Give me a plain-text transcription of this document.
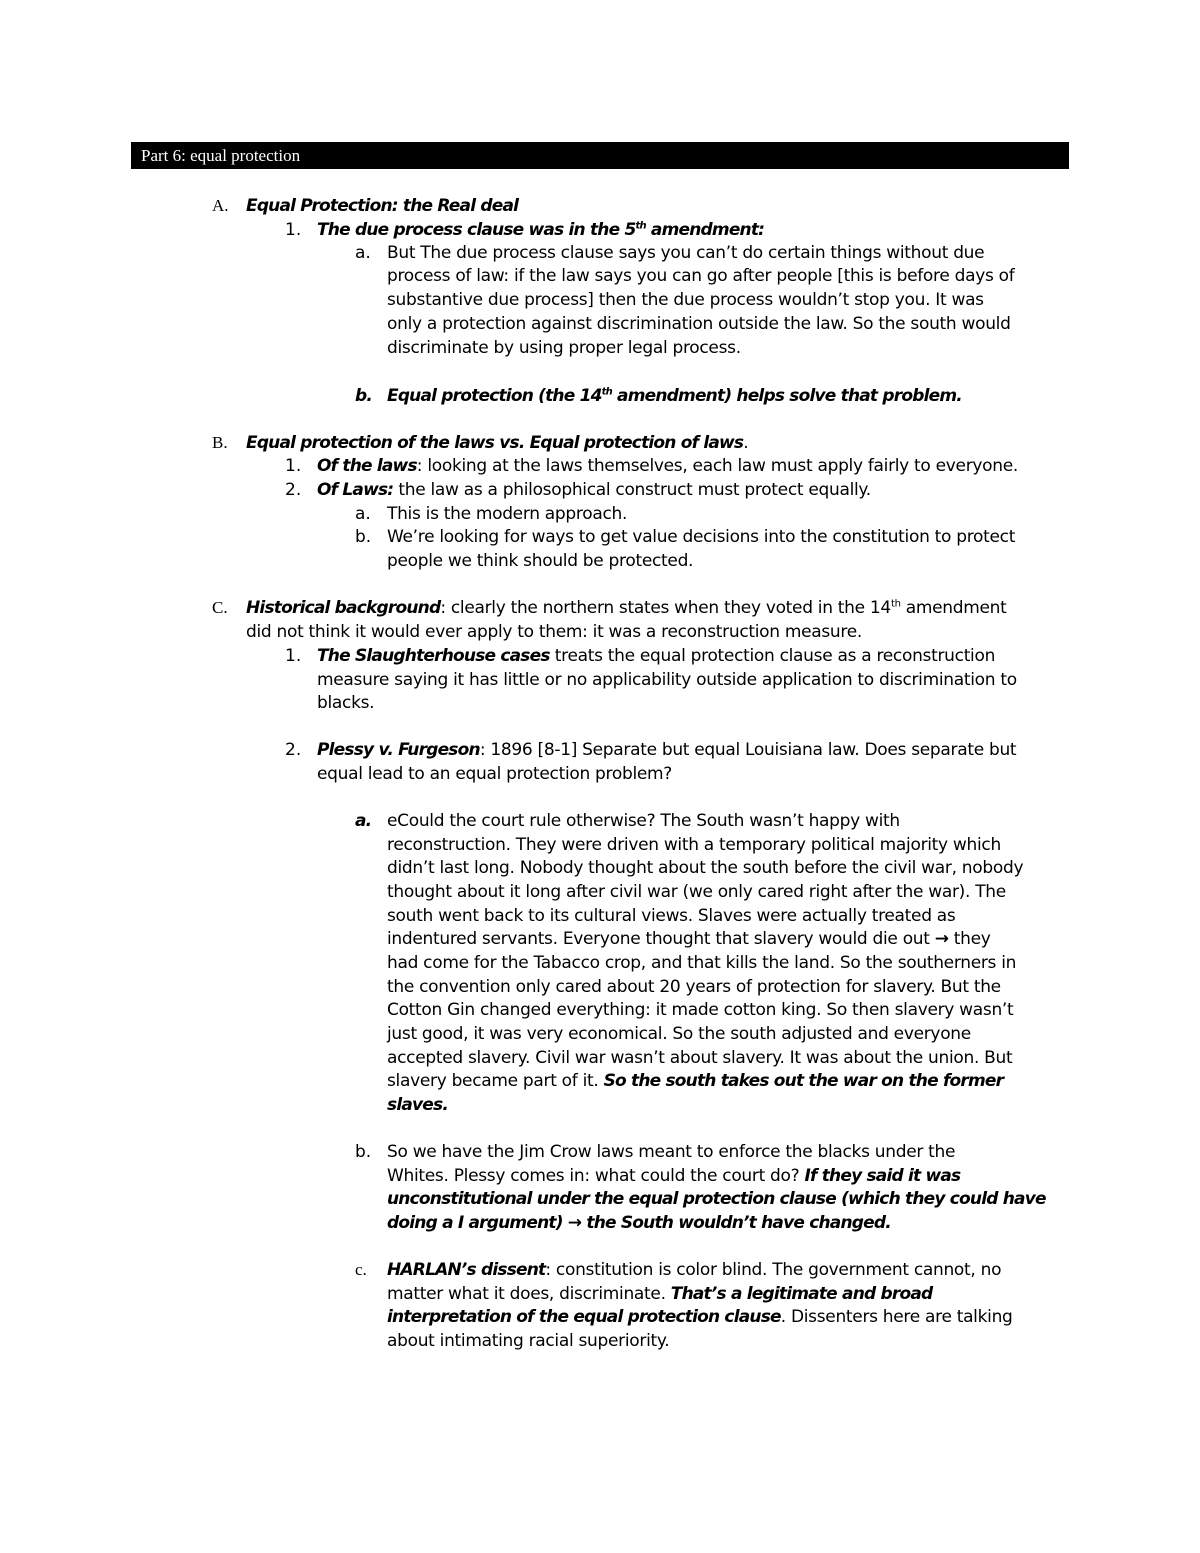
Part 6: equal protection
A. Equal Protection: the Real deal
1. The due process clause was in the 5th amendment:
a. But The due process clause says you can’t do certain things without due
process of law: if the law says you can go after people [this is before days of
substantive due process] then the due process wouldn’t stop you. It was
only a protection against discrimination outside the law. So the south would
discriminate by using proper legal process.
b. Equal protection (the 14th amendment) helps solve that problem.
B. Equal protection of the laws vs. Equal protection of laws.
1. Of the laws: looking at the laws themselves, each law must apply fairly to everyone.
2. Of Laws: the law as a philosophical construct must protect equally.
a. This is the modern approach.
b. We’re looking for ways to get value decisions into the constitution to protect
people we think should be protected.
C. Historical background: clearly the northern states when they voted in the 14th amendment
did not think it would ever apply to them: it was a reconstruction measure.
1. The Slaughterhouse cases treats the equal protection clause as a reconstruction
measure saying it has little or no applicability outside application to discrimination to
blacks.
2. Plessy v. Furgeson: 1896 [8-1] Separate but equal Louisiana law. Does separate but
equal lead to an equal protection problem?
a. eCould the court rule otherwise? The South wasn’t happy with
reconstruction. They were driven with a temporary political majority which
didn’t last long. Nobody thought about the south before the civil war, nobody
thought about it long after civil war (we only cared right after the war). The
south went back to its cultural views. Slaves were actually treated as
indentured servants. Everyone thought that slavery would die out → they
had come for the Tabacco crop, and that kills the land. So the southerners in
the convention only cared about 20 years of protection for slavery. But the
Cotton Gin changed everything: it made cotton king. So then slavery wasn’t
just good, it was very economical. So the south adjusted and everyone
accepted slavery. Civil war wasn’t about slavery. It was about the union. But
slavery became part of it. So the south takes out the war on the former
slaves.
b. So we have the Jim Crow laws meant to enforce the blacks under the
Whites. Plessy comes in: what could the court do? If they said it was
unconstitutional under the equal protection clause (which they could have
doing a I argument) → the South wouldn’t have changed.
c. HARLAN’s dissent: constitution is color blind. The government cannot, no
matter what it does, discriminate. That’s a legitimate and broad
interpretation of the equal protection clause. Dissenters here are talking
about intimating racial superiority.
